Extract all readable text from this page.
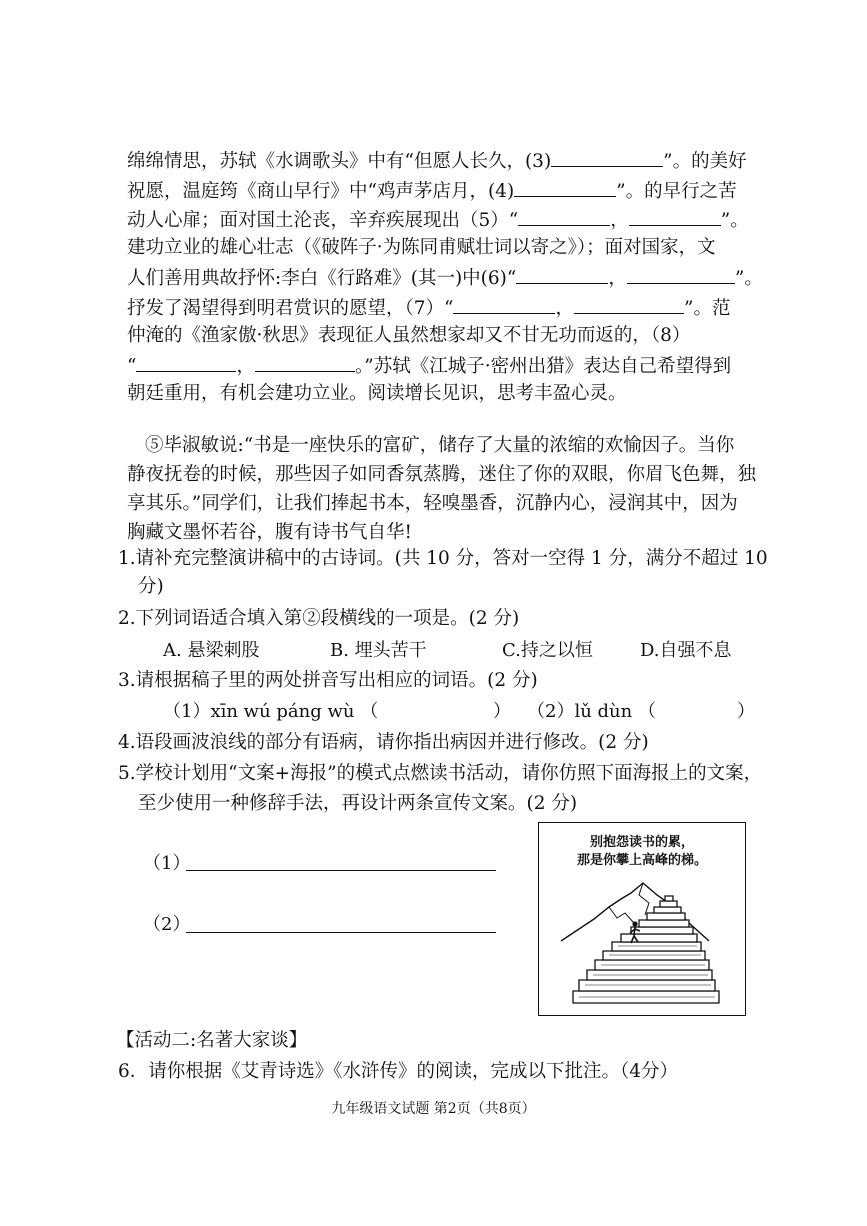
绵绵情思，苏轼《水调歌头》中有“但愿人长久，(3)	”。的美好
祝愿，温庭筠《商山早行》中“鸡声茅店月，(4)	”。的早行之苦
动人心扉；面对国土沦丧，辛弃疾展现出（5）“	，	”。
建功立业的雄心壮志（《破阵子·为陈同甫赋壮词以寄之》）；面对国家，文
人们善用典故抒怀:李白《行路难》(其一)中(6)“	，	”。
抒发了渴望得到明君赏识的愿望，（7）“	，	”。范
仲淹的《渔家傲·秋思》表现征人虽然想家却又不甘无功而返的，（8）
“	，	。”苏轼《江城子·密州出猎》表达自己希望得到
朝廷重用，有机会建功立业。阅读增长见识，思考丰盈心灵。
⑤毕淑敏说:“书是一座快乐的富矿，储存了大量的浓缩的欢愉因子。当你
静夜抚卷的时候，那些因子如同香氛蒸腾，迷住了你的双眼，你眉飞色舞，独
享其乐。”同学们，让我们捧起书本，轻嗅墨香，沉静内心，浸润其中，因为
胸藏文墨怀若谷，腹有诗书气自华!
1.请补充完整演讲稿中的古诗词。(共 10 分，答对一空得 1 分，满分不超过 10
分)
2.下列词语适合填入第②段横线的一项是。(2 分)
A. 悬梁刺股	B. 埋头苦干	C.持之以恒	D.自强不息
3.请根据稿子里的两处拼音写出相应的词语。(2 分)
（1）xīn wú páng wù （	） （2）lǔ dùn （	）
4.语段画波浪线的部分有语病，请你指出病因并进行修改。(2 分)
5.学校计划用“文案+海报”的模式点燃读书活动，请你仿照下面海报上的文案，
至少使用一种修辞手法，再设计两条宣传文案。(2 分)
（1）
（2）
别抱怨读书的累，
那是你攀上高峰的梯。
【活动二:名著大家谈】
6．请你根据《艾青诗选》《水浒传》的阅读，完成以下批注。（4分）
九年级语文试题 第2页（共8页）
